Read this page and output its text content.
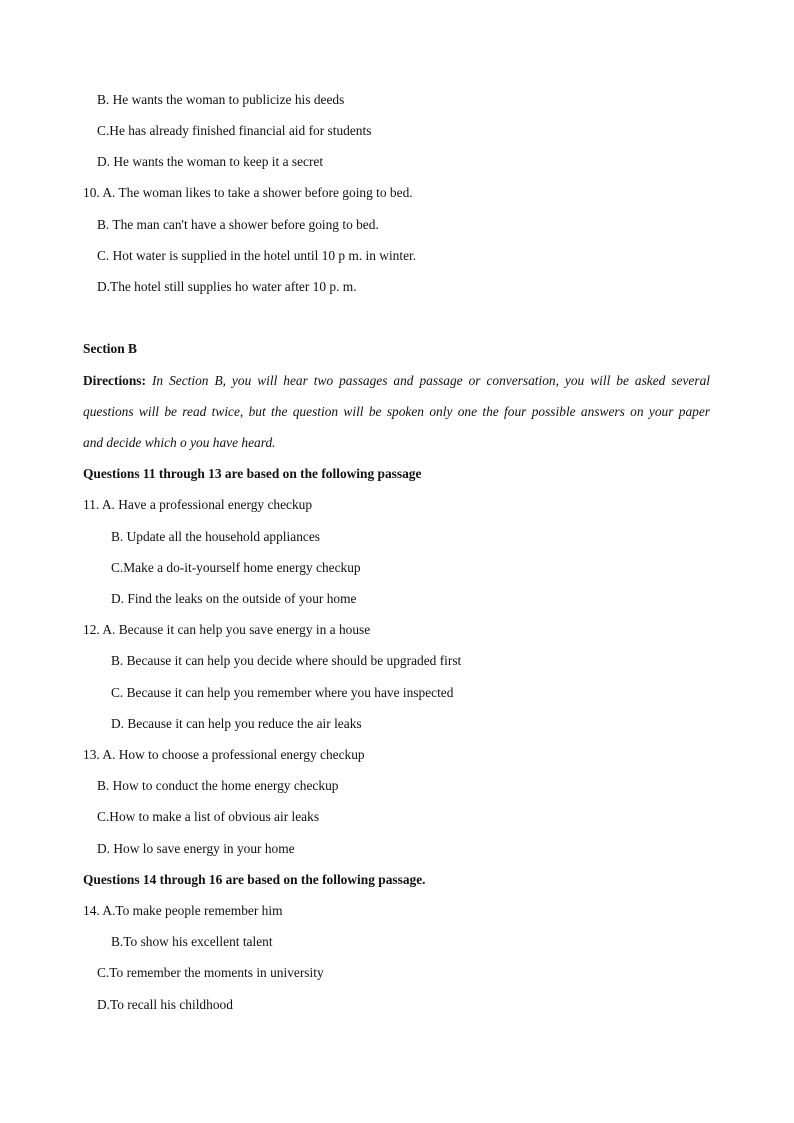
B. He wants the woman to publicize his deeds
C.He has already finished financial aid for students
D. He wants the woman to keep it a secret
10. A. The woman likes to take a shower before going to bed.
B. The man can't have a shower before going to bed.
C. Hot water is supplied in the hotel until 10 p m. in winter.
D.The hotel still supplies ho water after 10 p. m.
Section B
Directions: In Section B, you will hear two passages and passage or conversation, you will be asked several
questions will be read twice, but the question will be spoken only one the four possible answers on your paper
and decide which o you have heard.
Questions 11 through 13 are based on the following passage
11. A. Have a professional energy checkup
B. Update all the household appliances
C.Make a do-it-yourself home energy checkup
D. Find the leaks on the outside of your home
12. A. Because it can help you save energy in a house
B. Because it can help you decide where should be upgraded first
C. Because it can help you remember where you have inspected
D. Because it can help you reduce the air leaks
13. A. How to choose a professional energy checkup
B. How to conduct the home energy checkup
C.How to make a list of obvious air leaks
D. How lo save energy in your home
Questions 14 through 16 are based on the following passage.
14. A.To make people remember him
B.To show his excellent talent
C.To remember the moments in university
D.To recall his childhood
